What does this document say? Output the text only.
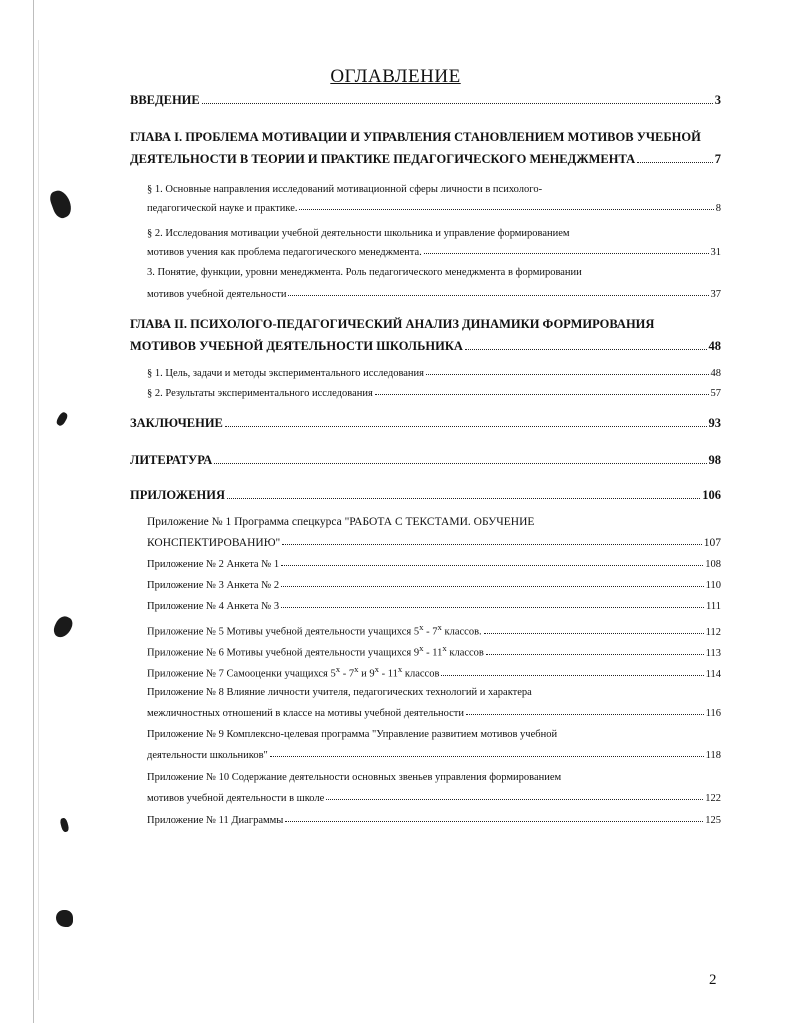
ОГЛАВЛЕНИЕ
ВВЕДЕНИЕ	3
ГЛАВА I. ПРОБЛЕМА МОТИВАЦИИ И УПРАВЛЕНИЯ СТАНОВЛЕНИЕМ МОТИВОВ УЧЕБНОЙ
ДЕЯТЕЛЬНОСТИ В ТЕОРИИ И ПРАКТИКЕ ПЕДАГОГИЧЕСКОГО МЕНЕДЖМЕНТА	7
§ 1. Основные направления исследований мотивационной сферы личности в психолого-
педагогической науке и практике.	8
§ 2. Исследования мотивации учебной деятельности школьника и управление формированием
мотивов учения как проблема педагогического менеджмента.	31
3. Понятие, функции, уровни менеджмента. Роль педагогического менеджмента в формировании
мотивов учебной деятельности	37
ГЛАВА II. ПСИХОЛОГО-ПЕДАГОГИЧЕСКИЙ АНАЛИЗ ДИНАМИКИ ФОРМИРОВАНИЯ
МОТИВОВ УЧЕБНОЙ ДЕЯТЕЛЬНОСТИ ШКОЛЬНИКА	48
§ 1. Цель, задачи и методы экспериментального исследования	48
§ 2. Результаты экспериментального исследования	57
ЗАКЛЮЧЕНИЕ	93
ЛИТЕРАТУРА	98
ПРИЛОЖЕНИЯ	106
Приложение № 1 Программа спецкурса "РАБОТА С ТЕКСТАМИ. ОБУЧЕНИЕ
КОНСПЕКТИРОВАНИЮ"	107
Приложение № 2 Анкета № 1	108
Приложение № 3 Анкета № 2	110
Приложение № 4 Анкета № 3	111
Приложение № 5 Мотивы учебной деятельности учащихся $5^х - 7^х$ классов.	112
Приложение № 6 Мотивы учебной деятельности учащихся $9^х - 11^х$ классов	113
Приложение № 7 Самооценки учащихся $5^х - 7^х$ и $9^х - 11^х$ классов	114
Приложение № 8 Влияние личности учителя, педагогических технологий и характера
межличностных отношений в классе на мотивы учебной деятельности	116
Приложение № 9 Комплексно-целевая программа "Управление развитием мотивов учебной
деятельности школьников"	118
Приложение № 10 Содержание деятельности основных звеньев управления формированием
мотивов учебной деятельности в школе	122
Приложение № 11 Диаграммы	125
2
